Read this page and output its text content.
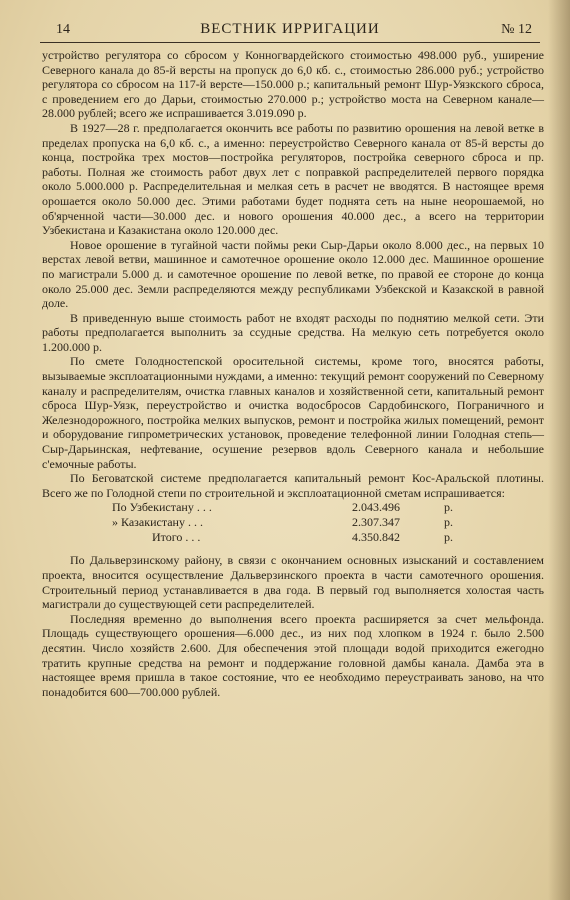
14	ВЕСТНИК ИРРИГАЦИИ	№ 12

устройство регулятора со сбросом у Конногвардейского стоимостью 498.000 руб., уширение Северного канала до 85-й версты на пропуск до 6,0 кб. с., стоимостью 286.000 руб.; устройство регулятора со сбросом на 117-й версте—150.000 р.; капитальный ремонт Шур-Уязкского сброса, с проведением его до Дарьи, стоимостью 270.000 р.; устройство моста на Северном канале—28.000 рублей; всего же испрашивается 3.019.090 р.

В 1927—28 г. предполагается окончить все работы по развитию орошения на левой ветке в пределах пропуска на 6,0 кб. с., а именно: переустройство Северного канала от 85-й версты до конца, постройка трех мостов—постройка регуляторов, постройка северного сброса и пр. работы. Полная же стоимость работ двух лет с поправкой распределителей первого порядка около 5.000.000 р. Распределительная и мелкая сеть в расчет не вводятся. В настоящее время орошается около 50.000 дес. Этими работами будет поднята сеть на ныне неорошаемой, но об'ярченной части—30.000 дес. и нового орошения 40.000 дес., а всего на территории Узбекистана и Казакистана около 120.000 дес.

Новое орошение в тугайной части поймы реки Сыр-Дарьи около 8.000 дес., на первых 10 верстах левой ветви, машинное и самотечное орошение около 12.000 дес. Машинное орошение по магистрали 5.000 д. и самотечное орошение по левой ветке, по правой ее стороне до конца около 25.000 дес. Земли распределяются между республиками Узбекской и Казакской в равной доле.

В приведенную выше стоимость работ не входят расходы по поднятию мелкой сети. Эти работы предполагается выполнить за ссудные средства. На мелкую сеть потребуется около 1.200.000 р.

По смете Голодностепской оросительной системы, кроме того, вносятся работы, вызываемые эксплоатационными нуждами, а именно: текущий ремонт сооружений по Северному каналу и распределителям, очистка главных каналов и хозяйственной сети, капитальный ремонт сброса Шур-Уязк, переустройство и очистка водосбросов Сардобинского, Пограничного и Железнодорожного, постройка мелких выпусков, ремонт и постройка жилых помещений, ремонт и оборудование гипрометрических установок, проведение телефонной линии Голодная степь—Сыр-Дарьинская, нефтевание, осушение резервов вдоль Северного канала и небольшие с'емочные работы.

По Беговатской системе предполагается капитальный ремонт Кос-Аральской плотины. Всего же по Голодной степи по строительной и эксплоатационной сметам испрашивается:

По Узбекистану . . .	2.043.496	р.
» Казакистану . . .	2.307.347	р.
Итого . . .	4.350.842	р.

По Дальверзинскому району, в связи с окончанием основных изысканий и составлением проекта, вносится осуществление Дальверзинского проекта в части самотечного орошения. Строительный период устанавливается в два года. В первый год выполняется холостая часть магистрали до существующей сети распределителей.

Последняя временно до выполнения всего проекта расширяется за счет мельфонда. Площадь существующего орошения—6.000 дес., из них под хлопком в 1924 г. было 2.500 десятин. Число хозяйств 2.600. Для обеспечения этой площади водой приходится ежегодно тратить крупные средства на ремонт и поддержание головной дамбы канала. Дамба эта в настоящее время пришла в такое состояние, что ее необходимо переустраивать заново, на что понадобится 600—700.000 рублей.
